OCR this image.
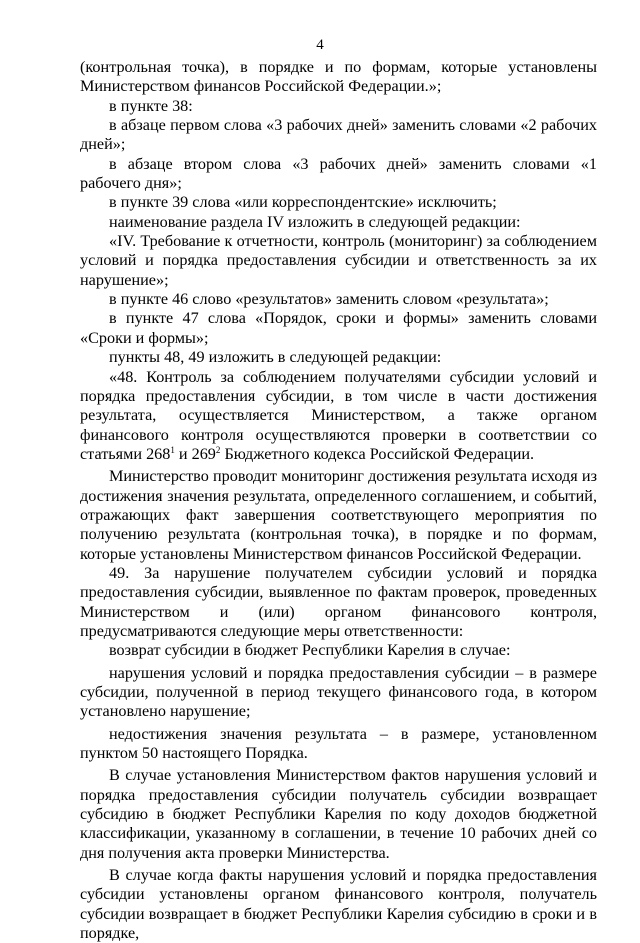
4

(контрольная точка), в порядке и по формам, которые установлены Министерством финансов Российской Федерации.»;

в пункте 38:

в абзаце первом слова «3 рабочих дней» заменить словами «2 рабочих дней»;

в абзаце втором слова «3 рабочих дней» заменить словами «1 рабочего дня»;

в пункте 39 слова «или корреспондентские» исключить;

наименование раздела IV изложить в следующей редакции:

«IV. Требование к отчетности, контроль (мониторинг) за соблюдением условий и порядка предоставления субсидии и ответственность за их нарушение»;

в пункте 46 слово «результатов» заменить словом «результата»;

в пункте 47 слова «Порядок, сроки и формы» заменить словами «Сроки и формы»;

пункты 48, 49 изложить в следующей редакции:

«48. Контроль за соблюдением получателями субсидии условий и порядка предоставления субсидии, в том числе в части достижения результата, осуществляется Министерством, а также органом финансового контроля осуществляются проверки в соответствии со статьями $268^1$ и $269^2$ Бюджетного кодекса Российской Федерации.

Министерство проводит мониторинг достижения результата исходя из достижения значения результата, определенного соглашением, и событий, отражающих факт завершения соответствующего мероприятия по получению результата (контрольная точка), в порядке и по формам, которые установлены Министерством финансов Российской Федерации.

49. За нарушение получателем субсидии условий и порядка предоставления субсидии, выявленное по фактам проверок, проведенных Министерством и (или) органом финансового контроля, предусматриваются следующие меры ответственности:

возврат субсидии в бюджет Республики Карелия в случае:

нарушения условий и порядка предоставления субсидии – в размере субсидии, полученной в период текущего финансового года, в котором установлено нарушение;

недостижения значения результата – в размере, установленном пунктом 50 настоящего Порядка.

В случае установления Министерством фактов нарушения условий и порядка предоставления субсидии получатель субсидии возвращает субсидию в бюджет Республики Карелия по коду доходов бюджетной классификации, указанному в соглашении, в течение 10 рабочих дней со дня получения акта проверки Министерства.

В случае когда факты нарушения условий и порядка предоставления субсидии установлены органом финансового контроля, получатель субсидии возвращает в бюджет Республики Карелия субсидию в сроки и в порядке,
